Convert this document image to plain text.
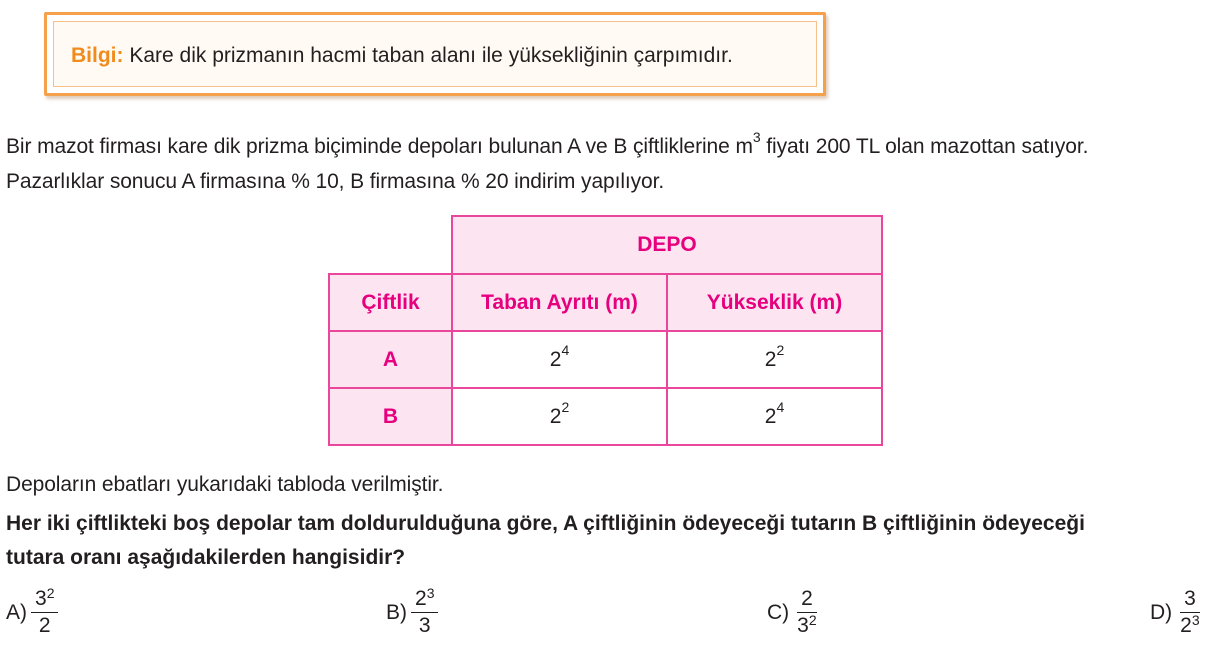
Bilgi: Kare dik prizmanın hacmi taban alanı ile yüksekliğinin çarpımıdır.
Bir mazot firması kare dik prizma biçiminde depoları bulunan A ve B çiftliklerine $m^3$ fiyatı 200 TL olan mazottan satıyor.
Pazarlıklar sonucu A firmasına % 10, B firmasına % 20 indirim yapılıyor.
	DEPO	
Çiftlik	Taban Ayrıtı (m)	Yükseklik (m)
A	$2^4$	$2^2$
B	$2^2$	$2^4$
Depoların ebatları yukarıdaki tabloda verilmiştir.
Her iki çiftlikteki boş depolar tam doldurulduğuna göre, A çiftliğinin ödeyeceği tutarın B çiftliğinin ödeyeceği
tutara oranı aşağıdakilerden hangisidir?
$A) \frac{3^2}{2}$	$B) \frac{2^3}{3}$	$C) \frac{2}{3^2}$	$D) \frac{3}{2^3}$
